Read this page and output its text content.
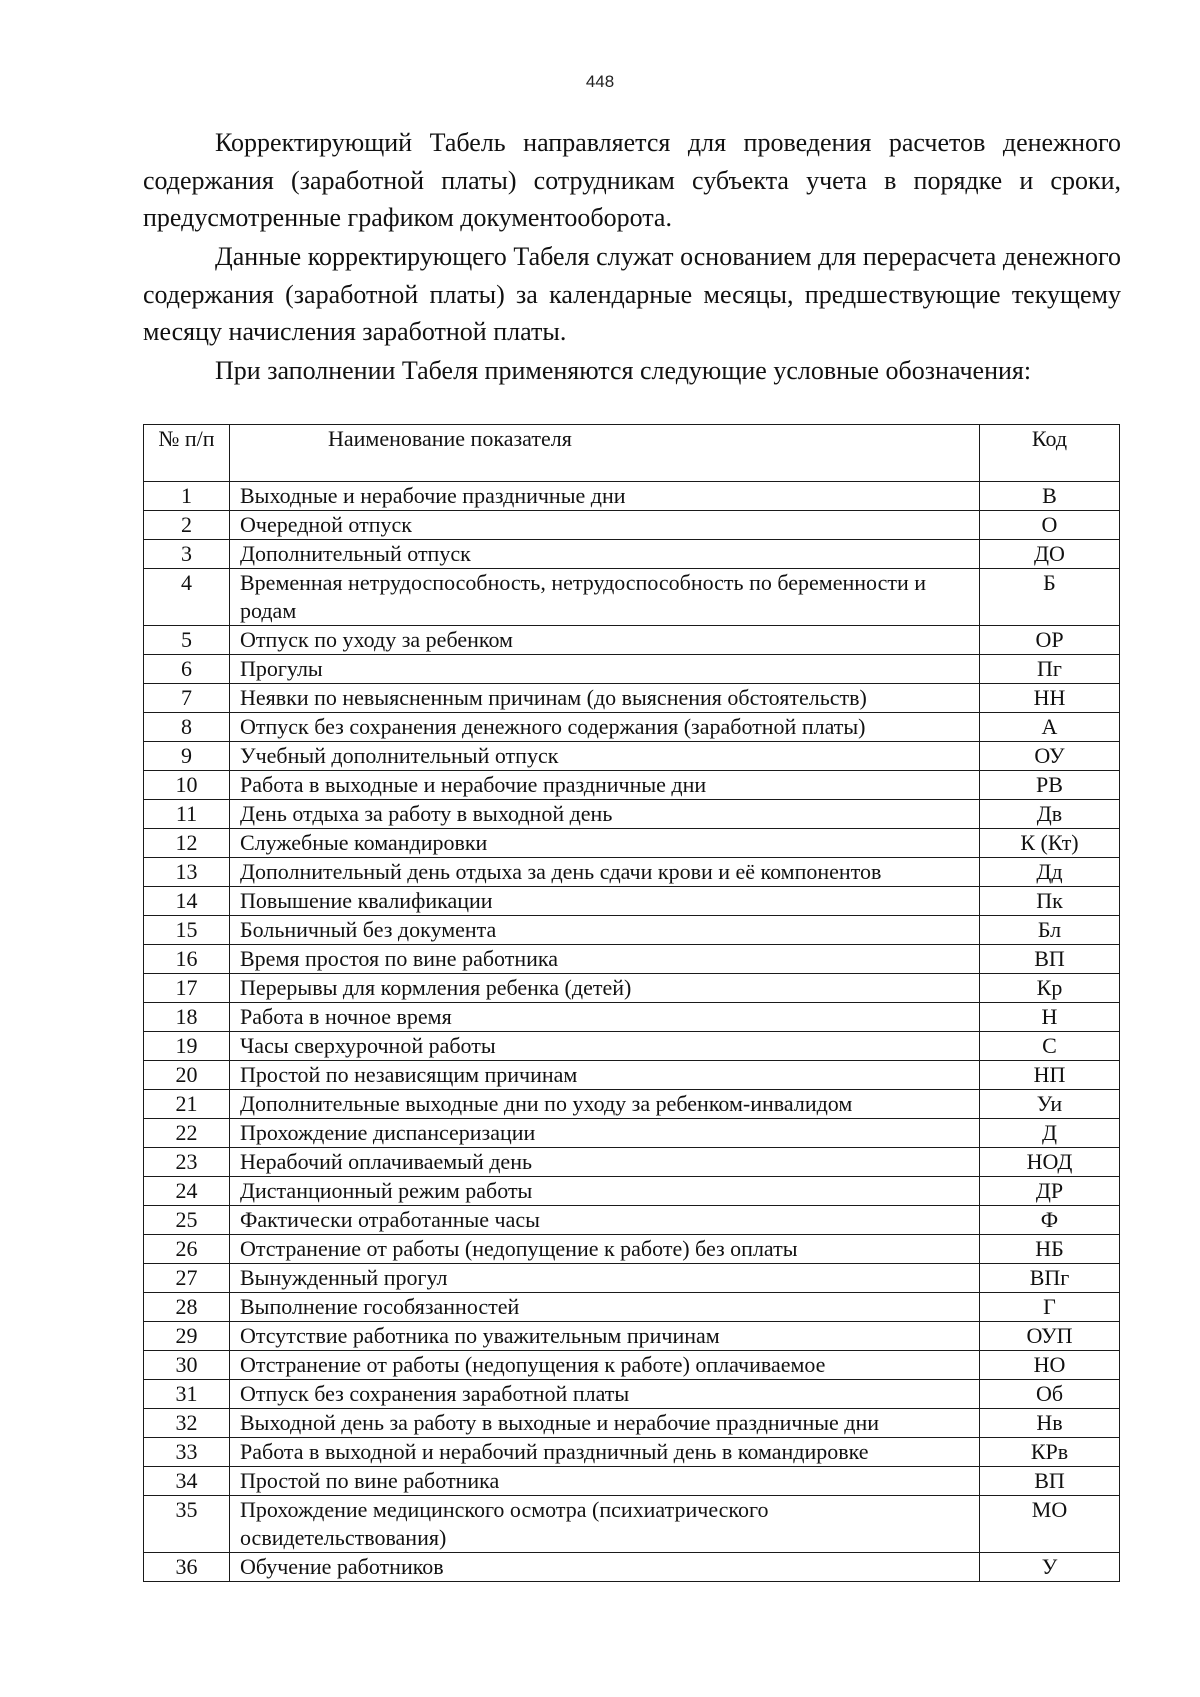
448

Корректирующий Табель направляется для проведения расчетов денежного содержания (заработной платы) сотрудникам субъекта учета в порядке и сроки, предусмотренные графиком документооборота.

Данные корректирующего Табеля служат основанием для перерасчета денежного содержания (заработной платы) за календарные месяцы, предшествующие текущему месяцу начисления заработной платы.

При заполнении Табеля применяются следующие условные обозначения:

№ п/п	Наименование показателя	Код
1	Выходные и нерабочие праздничные дни	В
2	Очередной отпуск	О
3	Дополнительный отпуск	ДО
4	Временная нетрудоспособность, нетрудоспособность по беременности и родам	Б
5	Отпуск по уходу за ребенком	ОР
6	Прогулы	Пг
7	Неявки по невыясненным причинам (до выяснения обстоятельств)	НН
8	Отпуск без сохранения денежного содержания (заработной платы)	А
9	Учебный дополнительный отпуск	ОУ
10	Работа в выходные и нерабочие праздничные дни	РВ
11	День отдыха за работу в выходной день	Дв
12	Служебные командировки	К (Кт)
13	Дополнительный день отдыха за день сдачи крови и её компонентов	Дд
14	Повышение квалификации	Пк
15	Больничный без документа	Бл
16	Время простоя по вине работника	ВП
17	Перерывы для кормления ребенка (детей)	Кр
18	Работа в ночное время	Н
19	Часы сверхурочной работы	С
20	Простой по независящим причинам	НП
21	Дополнительные выходные дни по уходу за ребенком-инвалидом	Уи
22	Прохождение диспансеризации	Д
23	Нерабочий оплачиваемый день	НОД
24	Дистанционный режим работы	ДР
25	Фактически отработанные часы	Ф
26	Отстранение от работы (недопущение к работе) без оплаты	НБ
27	Вынужденный прогул	ВПг
28	Выполнение гособязанностей	Г
29	Отсутствие работника по уважительным причинам	ОУП
30	Отстранение от работы (недопущения к работе) оплачиваемое	НО
31	Отпуск без сохранения заработной платы	Об
32	Выходной день за работу в выходные и нерабочие праздничные дни	Нв
33	Работа в выходной и нерабочий праздничный день в командировке	КРв
34	Простой по вине работника	ВП
35	Прохождение медицинского осмотра (психиатрического освидетельствования)	МО
36	Обучение работников	У
